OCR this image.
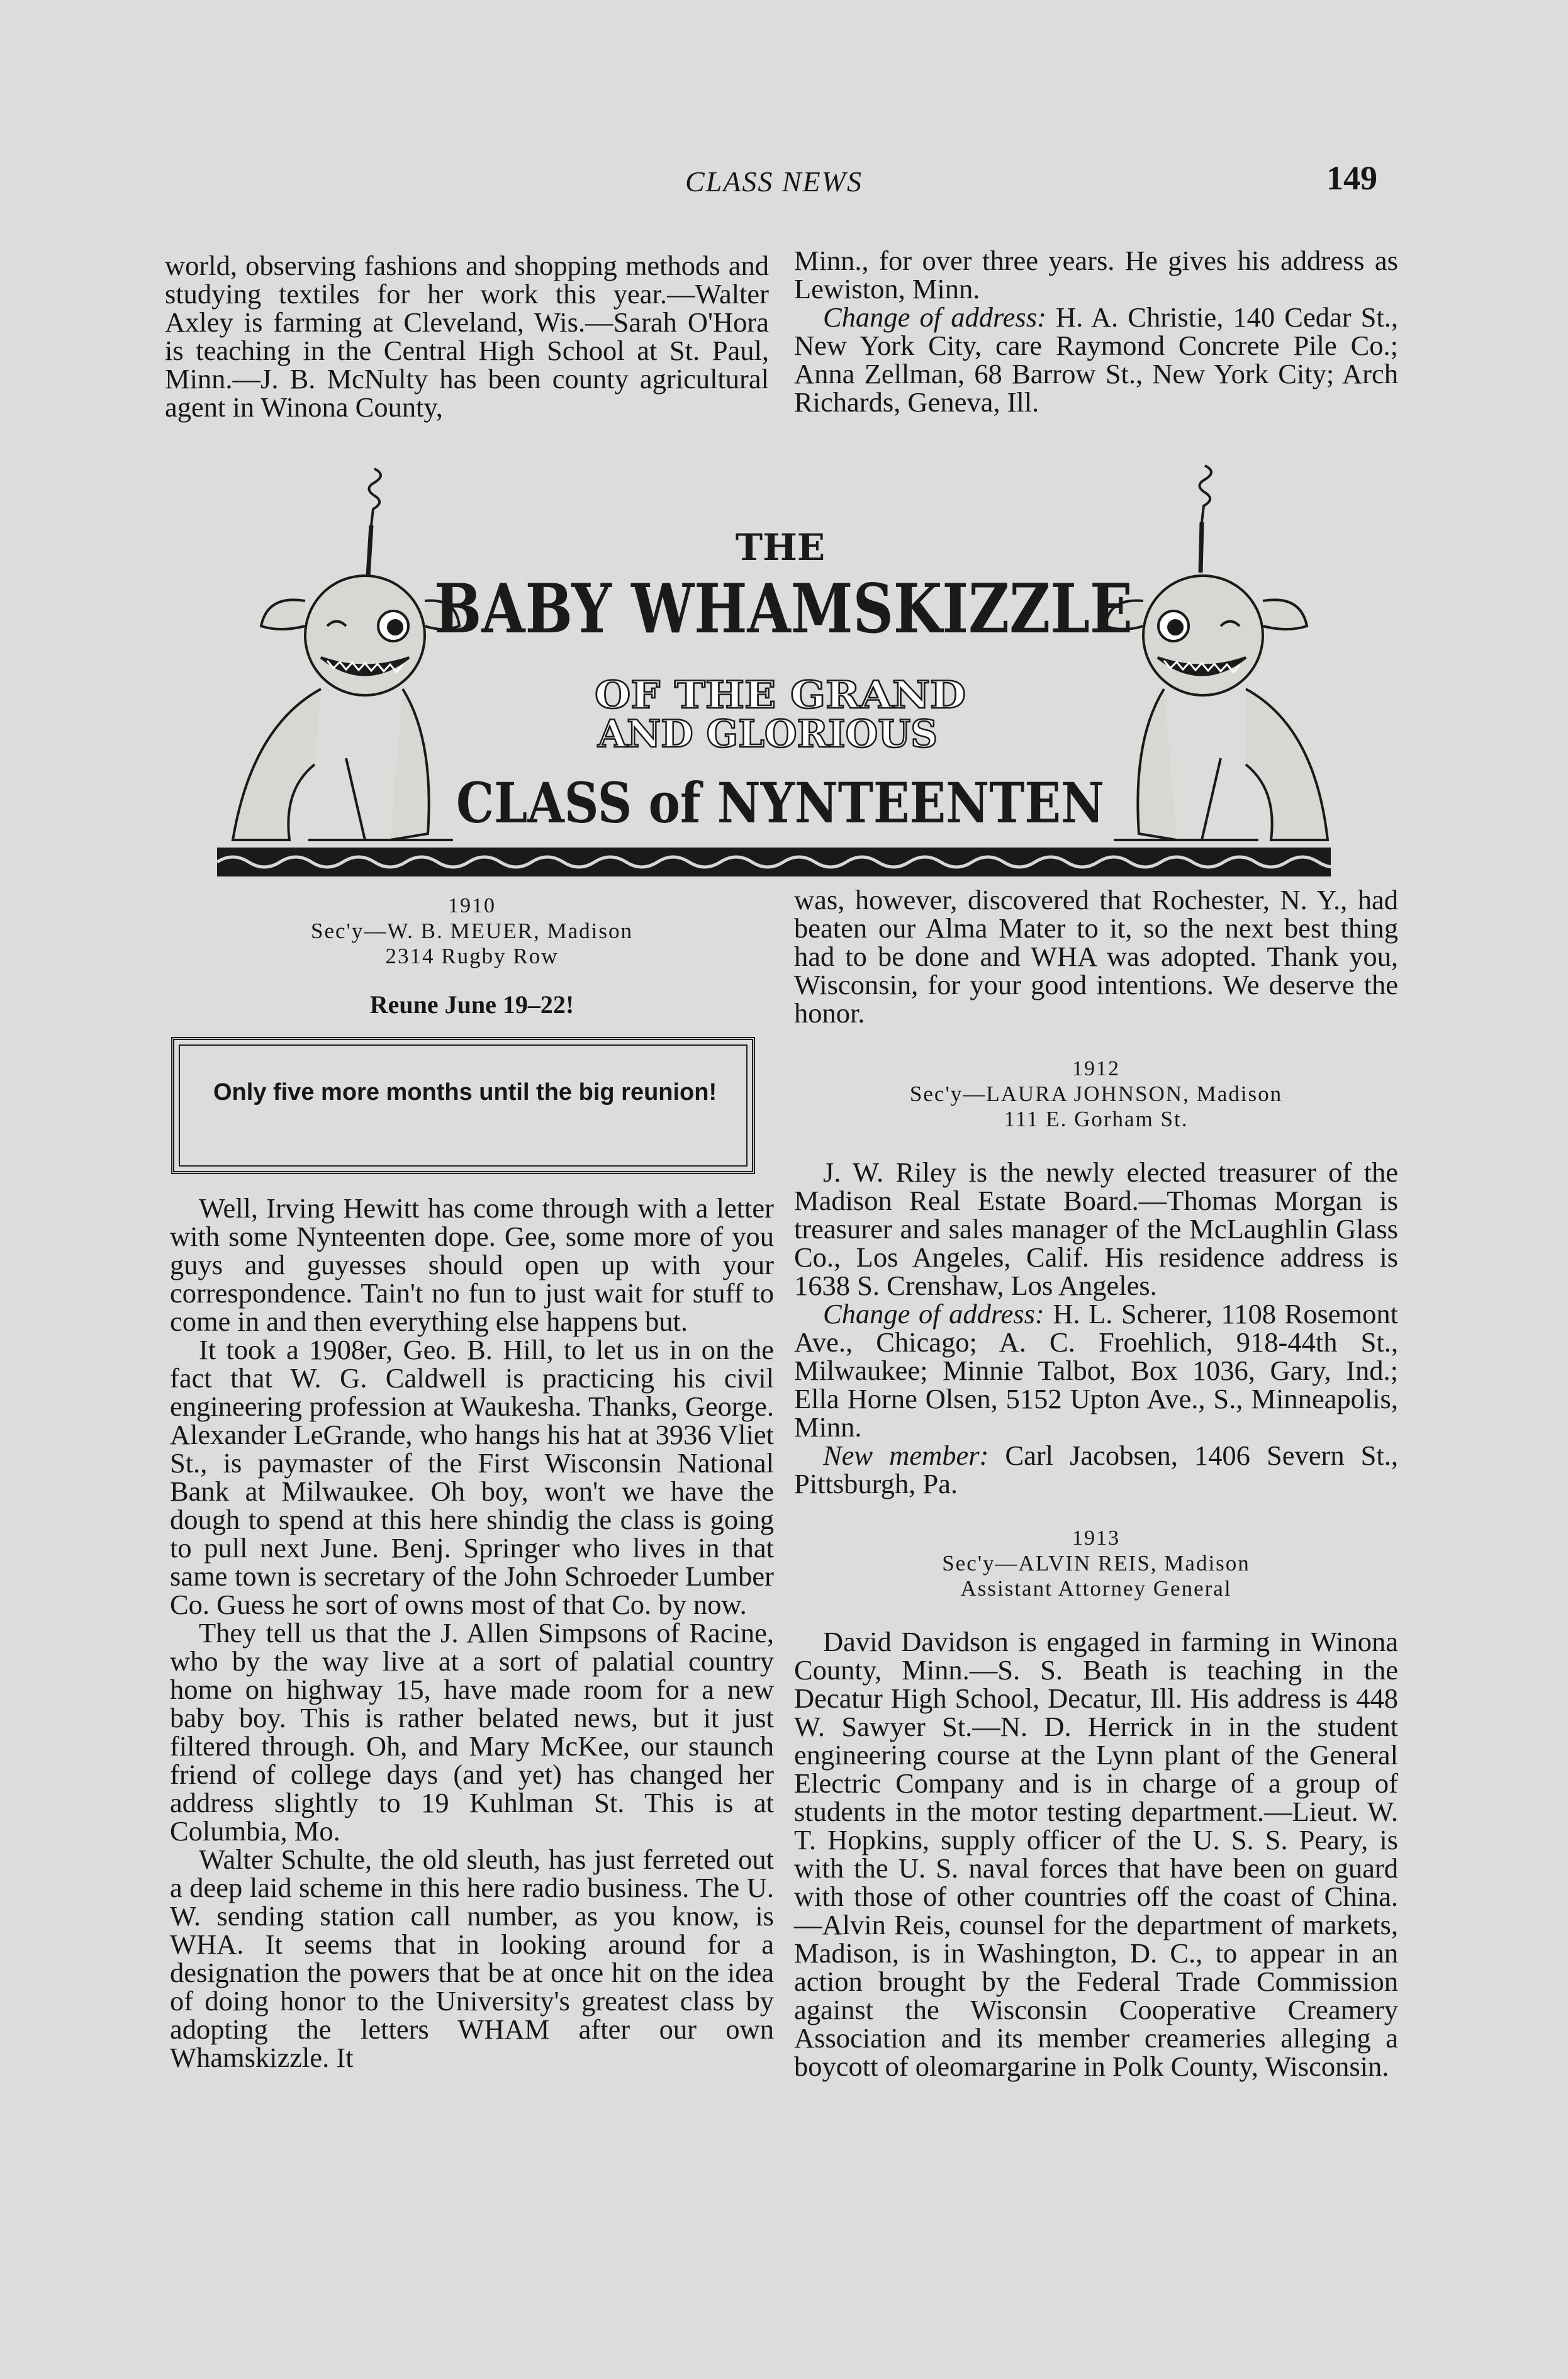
CLASS NEWS	149

world, observing fashions and shopping methods and studying textiles for her work this year.—Walter Axley is farming at Cleveland, Wis.—Sarah O'Hora is teaching in the Central High School at St. Paul, Minn.—J. B. McNulty has been county agricultural agent in Winona County,

Minn., for over three years. He gives his address as Lewiston, Minn.

Change of address: H. A. Christie, 140 Cedar St., New York City, care Raymond Concrete Pile Co.; Anna Zellman, 68 Barrow St., New York City; Arch Richards, Geneva, Ill.

THE
BABY WHAMSKIZZLE
OF THE GRAND
AND GLORIOUS
CLASS of NYNTEENTEN
1910
Sec'y—W. B. MEUER, Madison
2314 Rugby Row
Reune June 19–22!
Only five more months until the big reunion!

Well, Irving Hewitt has come through with a letter with some Nynteenten dope. Gee, some more of you guys and guyesses should open up with your correspondence. Tain't no fun to just wait for stuff to come in and then everything else happens but.

It took a 1908er, Geo. B. Hill, to let us in on the fact that W. G. Caldwell is practicing his civil engineering profession at Waukesha. Thanks, George. Alexander LeGrande, who hangs his hat at 3936 Vliet St., is paymaster of the First Wisconsin National Bank at Milwaukee. Oh boy, won't we have the dough to spend at this here shindig the class is going to pull next June. Benj. Springer who lives in that same town is secretary of the John Schroeder Lumber Co. Guess he sort of owns most of that Co. by now.

They tell us that the J. Allen Simpsons of Racine, who by the way live at a sort of palatial country home on highway 15, have made room for a new baby boy. This is rather belated news, but it just filtered through. Oh, and Mary McKee, our staunch friend of college days (and yet) has changed her address slightly to 19 Kuhlman St. This is at Columbia, Mo.

Walter Schulte, the old sleuth, has just ferreted out a deep laid scheme in this here radio business. The U. W. sending station call number, as you know, is WHA. It seems that in looking around for a designation the powers that be at once hit on the idea of doing honor to the University's greatest class by adopting the letters WHAM after our own Whamskizzle. It

was, however, discovered that Rochester, N. Y., had beaten our Alma Mater to it, so the next best thing had to be done and WHA was adopted. Thank you, Wisconsin, for your good intentions. We deserve the honor.

1912
Sec'y—LAURA JOHNSON, Madison
111 E. Gorham St.

J. W. Riley is the newly elected treasurer of the Madison Real Estate Board.—Thomas Morgan is treasurer and sales manager of the McLaughlin Glass Co., Los Angeles, Calif. His residence address is 1638 S. Crenshaw, Los Angeles.

Change of address: H. L. Scherer, 1108 Rosemont Ave., Chicago; A. C. Froehlich, 918-44th St., Milwaukee; Minnie Talbot, Box 1036, Gary, Ind.; Ella Horne Olsen, 5152 Upton Ave., S., Minneapolis, Minn.

New member: Carl Jacobsen, 1406 Severn St., Pittsburgh, Pa.

1913
Sec'y—ALVIN REIS, Madison
Assistant Attorney General

David Davidson is engaged in farming in Winona County, Minn.—S. S. Beath is teaching in the Decatur High School, Decatur, Ill. His address is 448 W. Sawyer St.—N. D. Herrick in in the student engineering course at the Lynn plant of the General Electric Company and is in charge of a group of students in the motor testing department.—Lieut. W. T. Hopkins, supply officer of the U. S. S. Peary, is with the U. S. naval forces that have been on guard with those of other countries off the coast of China.—Alvin Reis, counsel for the department of markets, Madison, is in Washington, D. C., to appear in an action brought by the Federal Trade Commission against the Wisconsin Cooperative Creamery Association and its member creameries alleging a boycott of oleomargarine in Polk County, Wisconsin.
